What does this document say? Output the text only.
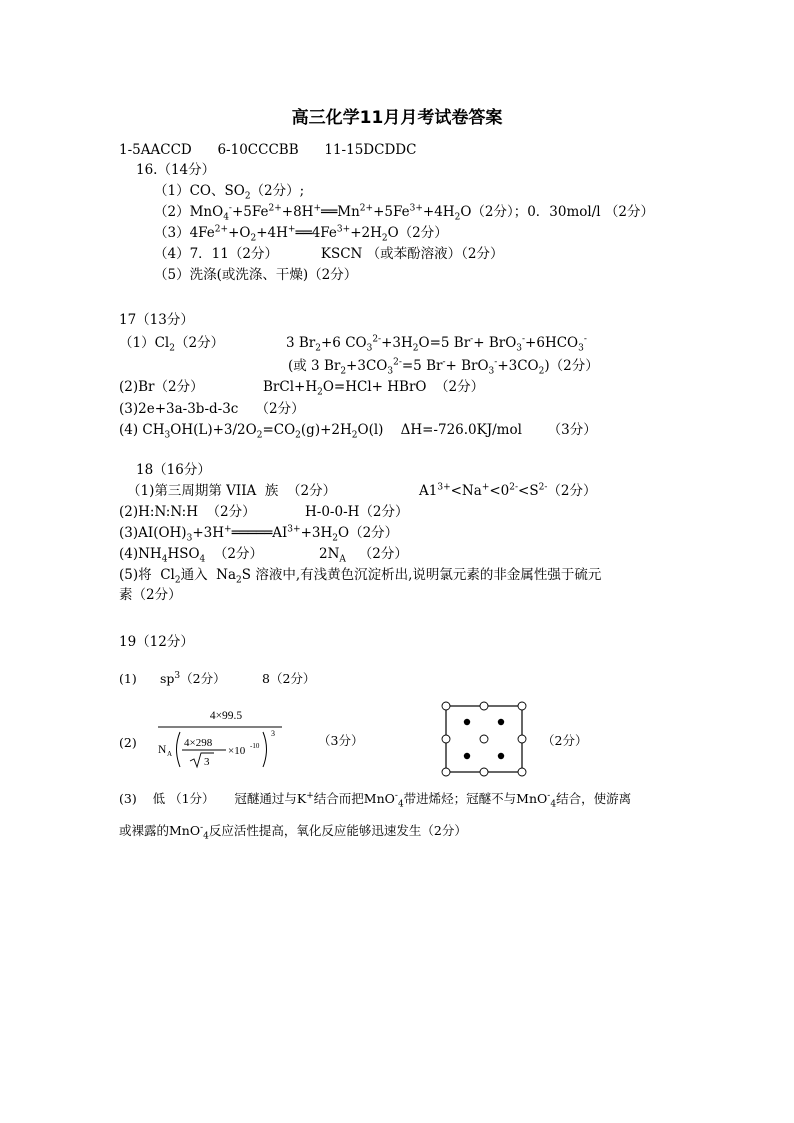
高三化学11月月考试卷答案
1-5AACCD      6-10CCCBB      11-15DCDDC
16.（14分）
（1）CO、$SO_2(2$分）;
$(2)MnO_4^-+5Fe^{2+}+8H^+══Mn^{2+}+5Fe^{3+}+4H_2O(2$分）；0．30mol/l （2分）
$(3)4Fe^{2+}+O_2+4H^+══4Fe^{3+}+2H_2O(2$分）
（4）7．11（2分）          KSCN （或苯酚溶液）（2分）
（5）洗涤(或洗涤、干燥)（2分）
17（13分）
$(1)Cl_2(2$分）	3 $Br_2+6$ $CO_3^{2-}+3H_2O=5$ $Br^-+ BrO_3^-+6HCO_3^-$
(或 3 $Br_2+3CO_3^{2-}=5$ $Br^-+ BrO_3^-+3CO_2)(2$分）
(2)Br（2分）	$BrCl+H_2O=HCl+$ HBrO  （2分）
(3)2e+3a-3b-d-3c    （2分）
(4) $CH_3OH(L)+3/2O_2=CO_2(g)+2H_2O(l)$    ΔH=-726.0KJ/mol      （3分）
18（16分）
（1)第三周期第 VIIA  族  （2分）	$A1^{3+}<Na^+<0^{2-}<S^{2-}(2$分）
(2)H:N:N:H  （2分）	H-0-0-H（2分）
$(3)AI(OH)_3+3H^+═════AI^{3+}+3H_2O(2$分）
$(4)NH_4HSO_4$  （2分）	$2N_A$   （2分）
(5)将  $Cl_2$通入  $Na_2S$ 溶液中,有浅黄色沉淀析出,说明氯元素的非金属性强于硫元
素（2分）
19（12分）
(1) $sp^3(2$分）	8（2分）
(2)
4×99.5
N A
4×298
3
×10 -10
3	（3分）	（2分）
(3)    低 （1分）     冠醚通过与K+结合而把MnO-$_4$带进烯烃；冠醚不与MnO-$_4$结合，使游离
或裸露的MnO-$_4$反应活性提高，氧化反应能够迅速发生（2分）
